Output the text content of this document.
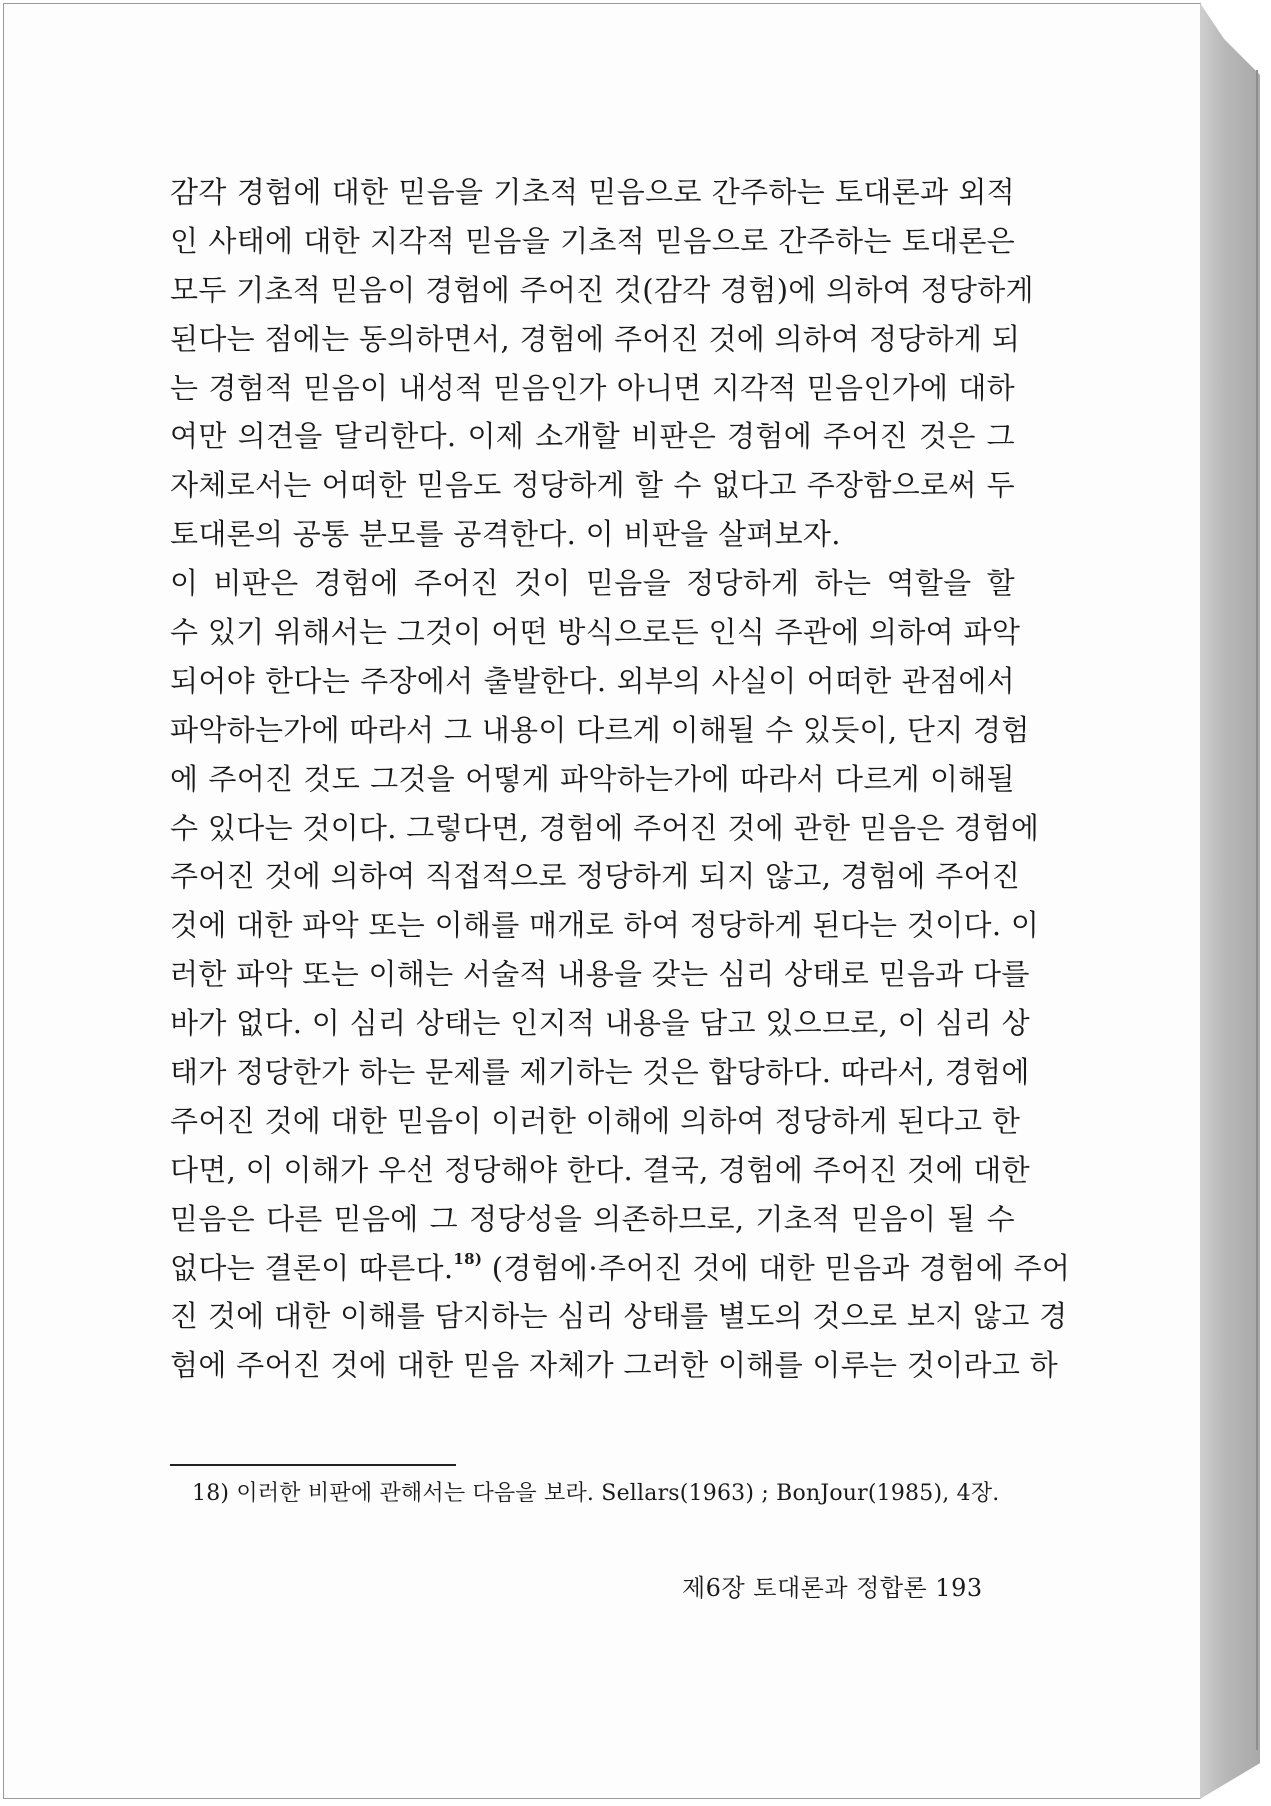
감각 경험에 대한 믿음을 기초적 믿음으로 간주하는 토대론과 외적
인 사태에 대한 지각적 믿음을 기초적 믿음으로 간주하는 토대론은
모두 기초적 믿음이 경험에 주어진 것(감각 경험)에 의하여 정당하게
된다는 점에는 동의하면서, 경험에 주어진 것에 의하여 정당하게 되
는 경험적 믿음이 내성적 믿음인가 아니면 지각적 믿음인가에 대하
여만 의견을 달리한다. 이제 소개할 비판은 경험에 주어진 것은 그
자체로서는 어떠한 믿음도 정당하게 할 수 없다고 주장함으로써 두
토대론의 공통 분모를 공격한다. 이 비판을 살펴보자.
이 비판은 경험에 주어진 것이 믿음을 정당하게 하는 역할을 할
수 있기 위해서는 그것이 어떤 방식으로든 인식 주관에 의하여 파악
되어야 한다는 주장에서 출발한다. 외부의 사실이 어떠한 관점에서
파악하는가에 따라서 그 내용이 다르게 이해될 수 있듯이, 단지 경험
에 주어진 것도 그것을 어떻게 파악하는가에 따라서 다르게 이해될
수 있다는 것이다. 그렇다면, 경험에 주어진 것에 관한 믿음은 경험에
주어진 것에 의하여 직접적으로 정당하게 되지 않고, 경험에 주어진
것에 대한 파악 또는 이해를 매개로 하여 정당하게 된다는 것이다. 이
러한 파악 또는 이해는 서술적 내용을 갖는 심리 상태로 믿음과 다를
바가 없다. 이 심리 상태는 인지적 내용을 담고 있으므로, 이 심리 상
태가 정당한가 하는 문제를 제기하는 것은 합당하다. 따라서, 경험에
주어진 것에 대한 믿음이 이러한 이해에 의하여 정당하게 된다고 한
다면, 이 이해가 우선 정당해야 한다. 결국, 경험에 주어진 것에 대한
믿음은 다른 믿음에 그 정당성을 의존하므로, 기초적 믿음이 될 수
없다는 결론이 따른다.$^{18)}$ (경험에·주어진 것에 대한 믿음과 경험에 주어
진 것에 대한 이해를 담지하는 심리 상태를 별도의 것으로 보지 않고 경
험에 주어진 것에 대한 믿음 자체가 그러한 이해를 이루는 것이라고 하
18) 이러한 비판에 관해서는 다음을 보라. Sellars(1963) ; BonJour(1985), 4장.
제6장 토대론과 정합론 193
